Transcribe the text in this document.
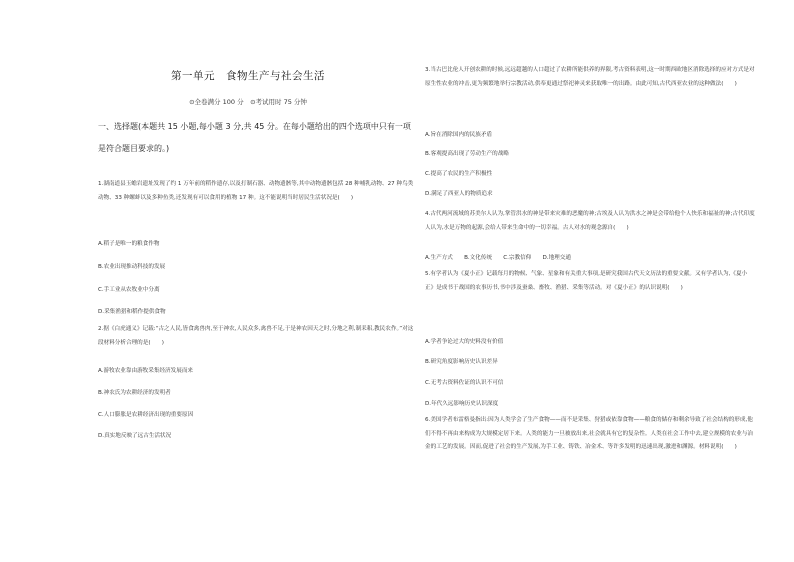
第一单元　食物生产与社会生活
⊙全卷满分 100 分　⊙考试用时 75 分钟
一、选择题(本题共 15 小题,每小题 3 分,共 45 分。在每小题给出的四个选项中只有一项是符合题目要求的。)
1.湖南道县玉蟾岩遗址发现了约 1 万年前的稻作遗存,以及打制石器、动物遗骸等,其中动物遗骸包括 28 种哺乳动物、27 种鸟类动物、33 种螺蚌以及多种鱼类,还发现有可以食用的植物 17 种。这不能说明当时居民生活状况是(　　)
A.稻子是唯一的粮食作物
B.农业出现推动科技的发展
C.手工业从农牧业中分离
D.采集渔猎和稻作提供食物
2.据《白虎通义》记载:“古之人民,皆食禽兽肉,至于神农,人民众多,禽兽不足,于是神农因天之时,分地之利,制耒耜,教民农作。”对这段材料分析合理的是(　　)
A.游牧农业靠由游牧采集经济发展而来
B.神农氏为农耕经济的发明者
C.人口膨胀是农耕经济出现的重要原因
D.真实地反映了远古生活状况
3.当古巴比伦人开创农耕的时候,远远超越的人口超过了农耕所能供养的界限,考古资料表明,这一时期西欧地区消除选择的应对方式是对原生性农业的冲击,更为频繁地举行宗教活动,供奉更通过祭祀神灵来获取唯一的出路。由此可知,古代西亚农业的这种做法(　　)
A.旨在消除国内的民族矛盾
B.客观提高出现了劳动生产的战略
C.提高了农民的生产积极性
D.满足了西亚人的物质追求
4.古代两河流域的苏美尔人认为,掌管洪水的神是带来灾难的恶魔的神;古埃及人认为洪水之神是会带给他个人快乐和福祉的神;古代印度人认为,水是万物的起源,会给人带来生命中的一切幸福。古人对水的观念源自(　　)
A.生产方式　　B.文化传统　　C.宗教信仰　　D.地理交通
5.有学者认为《夏小正》记载每月的物候、气象、星象和有关重大事项,是研究我国古代天文历法的重要文献。又有学者认为,《夏小正》是成书于战国的农事历书,书中涉及蚕桑、畜牧、渔猎、采集等活动。对《夏小正》的认识说明(　　)
A.学者争论过大的史料没有价值
B.研究角度影响历史认识差异
C.无考古资料佐证的认识不可信
D.年代久远影响历史认识深度
6.美国学者布雷格曼指出:因为人类学会了生产食物——而不是采集、狩猎或依靠食物——粮食的储存和剩余导致了社会结构的形成,他们不得不再由来构成为大规模定居下来。人类的能力一旦被放出来,社会就具有它的复杂性。人类在社会工作中去,建立规模的农业与冶金的工艺的发展。因而,促进了社会的生产发展,为手工业、铸铁、冶金术、等许多发明的迅速出现,激进和渊源。材料说明(　　)
